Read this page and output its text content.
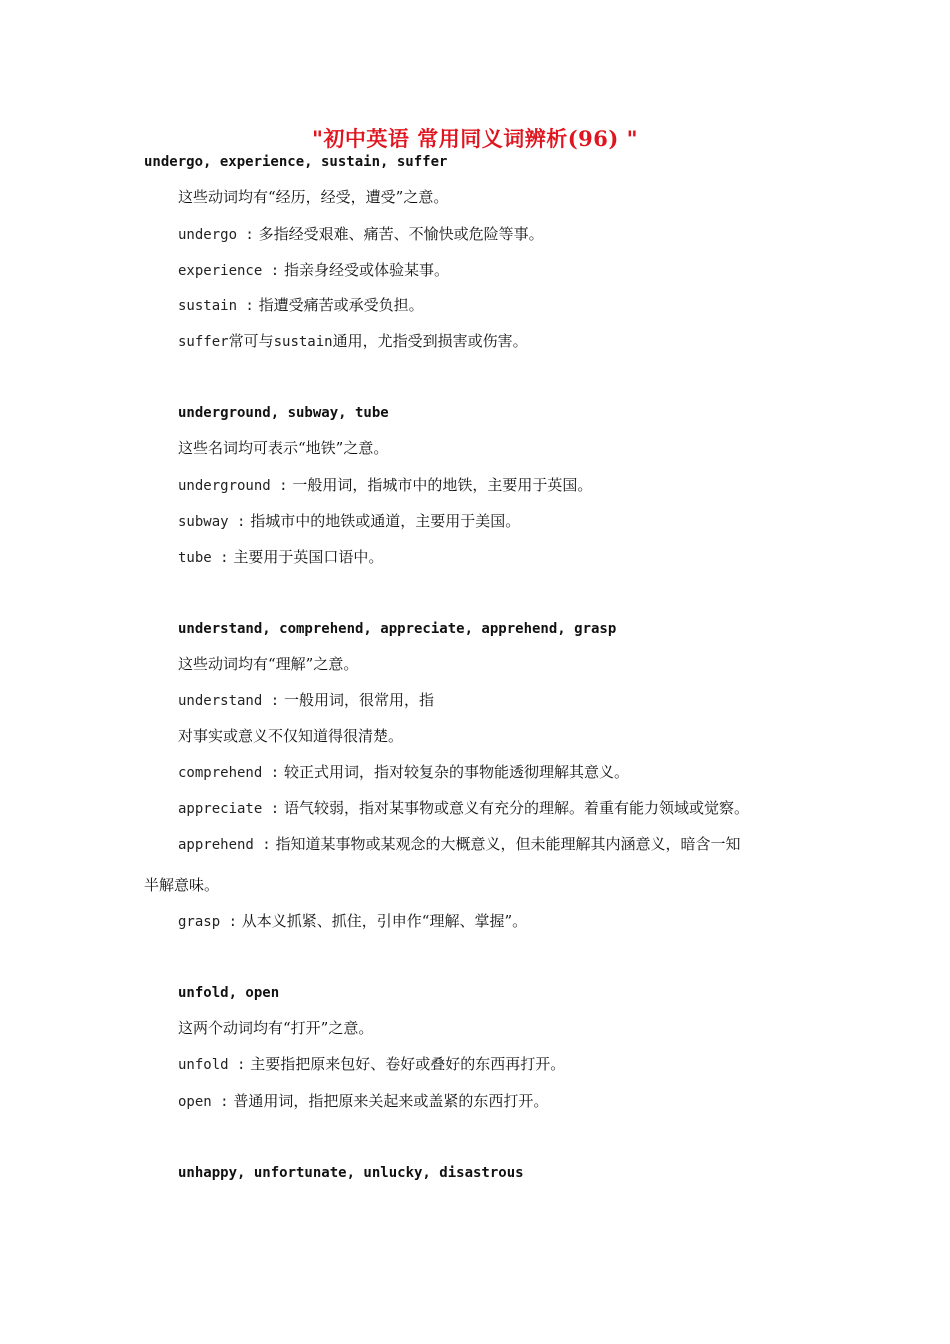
"初中英语 常用同义词辨析(96) "
undergo, experience, sustain, suffer
这些动词均有“经历，经受，遭受”之意。
undergo : 多指经受艰难、痛苦、不愉快或危险等事。
experience : 指亲身经受或体验某事。
sustain : 指遭受痛苦或承受负担。
suffer常可与sustain通用，尤指受到损害或伤害。
underground, subway, tube
这些名词均可表示“地铁”之意。
underground : 一般用词，指城市中的地铁，主要用于英国。
subway : 指城市中的地铁或通道，主要用于美国。
tube : 主要用于英国口语中。
understand, comprehend, appreciate, apprehend, grasp
这些动词均有“理解”之意。
understand : 一般用词，很常用，指
对事实或意义不仅知道得很清楚。
comprehend : 较正式用词，指对较复杂的事物能透彻理解其意义。
appreciate : 语气较弱，指对某事物或意义有充分的理解。着重有能力领域或觉察。
apprehend : 指知道某事物或某观念的大概意义，但未能理解其内涵意义，暗含一知
半解意味。
grasp : 从本义抓紧、抓住，引申作“理解、掌握”。
unfold, open
这两个动词均有“打开”之意。
unfold : 主要指把原来包好、卷好或叠好的东西再打开。
open : 普通用词，指把原来关起来或盖紧的东西打开。
unhappy, unfortunate, unlucky, disastrous
